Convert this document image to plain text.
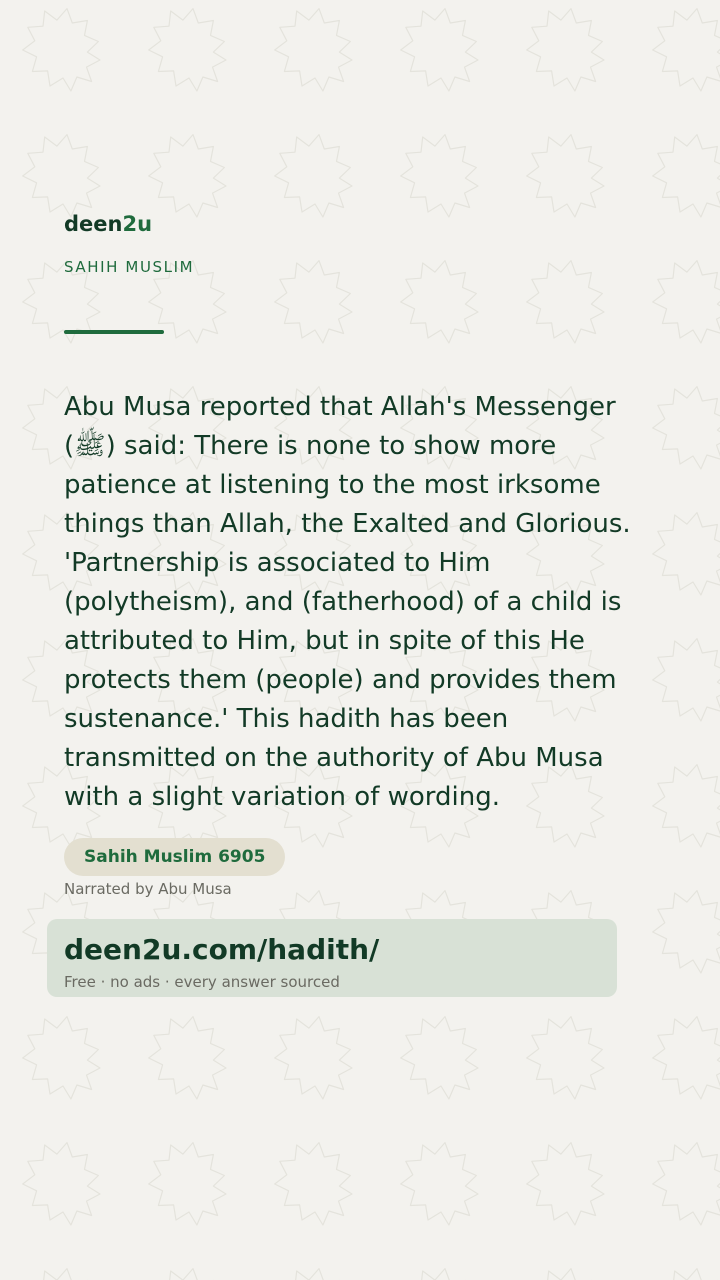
deen2u
SAHIH MUSLIM

Abu Musa reported that Allah's Messenger (ﷺ) said: There is none to show more patience at listening to the most irksome things than Allah, the Exalted and Glorious. 'Partnership is associated to Him (polytheism), and (fatherhood) of a child is attributed to Him, but in spite of this He protects them (people) and provides them sustenance.' This hadith has been transmitted on the authority of Abu Musa with a slight variation of wording.

Sahih Muslim 6905
Narrated by Abu Musa
deen2u.com/hadith/
Free · no ads · every answer sourced
